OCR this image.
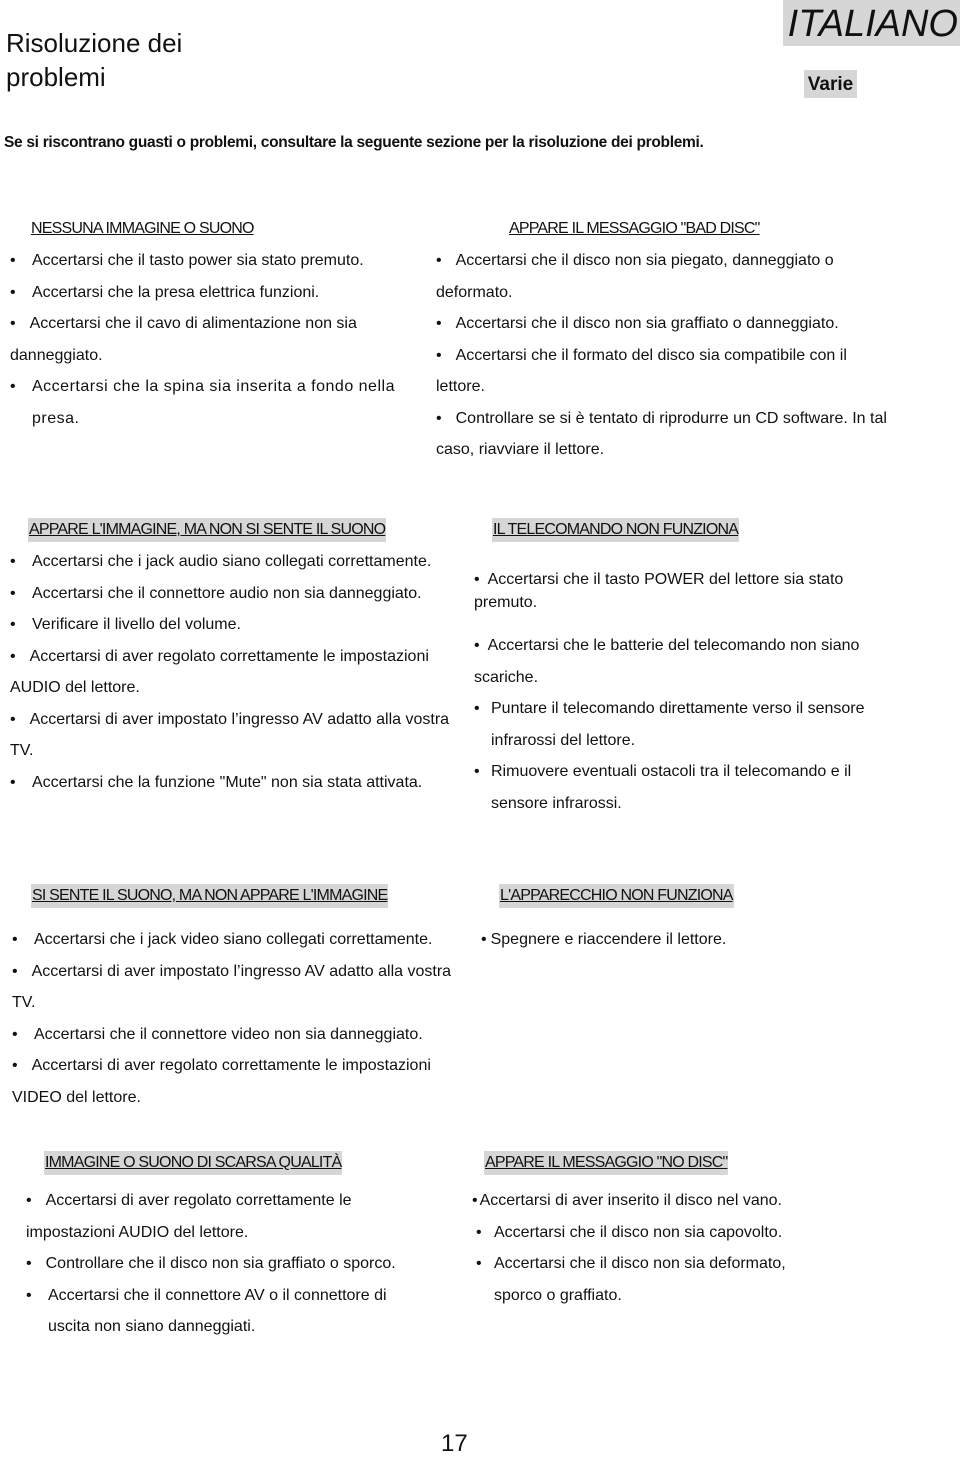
Risoluzione dei problemi
ITALIANO
Varie
Se si riscontrano guasti o problemi, consultare la seguente sezione per la risoluzione dei problemi.
NESSUNA IMMAGINE O SUONO
• Accertarsi che il tasto power sia stato premuto.
• Accertarsi che la presa elettrica funzioni.
• Accertarsi che il cavo di alimentazione non sia danneggiato.
• Accertarsi che la spina sia inserita a fondo nella presa.
APPARE IL MESSAGGIO "BAD DISC"
• Accertarsi che il disco non sia piegato, danneggiato o deformato.
• Accertarsi che il disco non sia graffiato o danneggiato.
• Accertarsi che il formato del disco sia compatibile con il lettore.
• Controllare se si è tentato di riprodurre un CD software. In tal caso, riavviare il lettore.
APPARE L'IMMAGINE, MA NON SI SENTE IL SUONO
• Accertarsi che i jack audio siano collegati correttamente.
• Accertarsi che il connettore audio non sia danneggiato.
• Verificare il livello del volume.
• Accertarsi di aver regolato correttamente le impostazioni AUDIO del lettore.
• Accertarsi di aver impostato l’ingresso AV adatto alla vostra TV.
• Accertarsi che la funzione "Mute" non sia stata attivata.
IL TELECOMANDO NON FUNZIONA
• Accertarsi che il tasto POWER del lettore sia stato premuto.
• Accertarsi che le batterie del telecomando non siano scariche.
• Puntare il telecomando direttamente verso il sensore infrarossi del lettore.
• Rimuovere eventuali ostacoli tra il telecomando e il sensore infrarossi.
SI SENTE IL SUONO, MA NON APPARE L'IMMAGINE
• Accertarsi che i jack video siano collegati correttamente.
• Accertarsi di aver impostato l’ingresso AV adatto alla vostra TV.
• Accertarsi che il connettore video non sia danneggiato.
• Accertarsi di aver regolato correttamente le impostazioni VIDEO del lettore.
L'APPARECCHIO NON FUNZIONA
• Spegnere e riaccendere il lettore.
IMMAGINE O SUONO DI SCARSA QUALITÀ
• Accertarsi di aver regolato correttamente le impostazioni AUDIO del lettore.
• Controllare che il disco non sia graffiato o sporco.
• Accertarsi che il connettore AV o il connettore di uscita non siano danneggiati.
APPARE IL MESSAGGIO "NO DISC"
• Accertarsi di aver inserito il disco nel vano.
• Accertarsi che il disco non sia capovolto.
• Accertarsi che il disco non sia deformato, sporco o graffiato.
17
